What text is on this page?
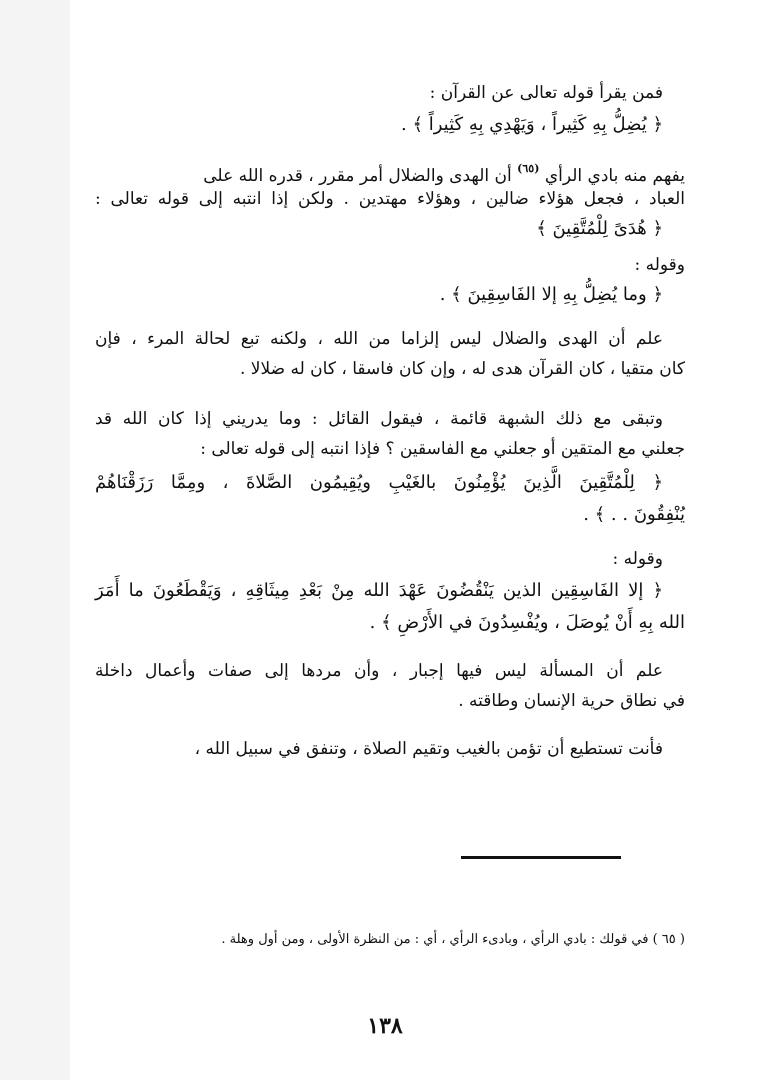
فمن يقرأ قوله تعالى عن القرآن :
﴿ يُضِلُّ بِهِ كَثِيراً ، وَيَهْدِي بِهِ كَثِيراً ﴾ .
يفهم منه بادي الرأي $^{(٦٥)}$ أن الهدى والضلال أمر مقرر ، قدره الله على
العباد ، فجعل هؤلاء ضالين ، وهؤلاء مهتدين . ولكن إذا انتبه إلى قوله تعالى :
﴿ هُدَىً لِلْمُتَّقِينَ ﴾
وقوله :
﴿ وما يُضِلُّ بِهِ إلا الفَاسِقِينَ ﴾ .
علم أن الهدى والضلال ليس إلزاما من الله ، ولكنه تبع لحالة المرء ، فإن
كان متقيا ، كان القرآن هدى له ، وإن كان فاسقا ، كان له ضلالا .
وتبقى مع ذلك الشبهة قائمة ، فيقول القائل : وما يدريني إذا كان الله قد
جعلني مع المتقين أو جعلني مع الفاسقين ؟ فإذا انتبه إلى قوله تعالى :
﴿ لِلْمُتَّقِينَ الَّذِينَ يُؤْمِنُونَ بالغَيْبِ ويُقِيمُون الصَّلاةَ ، ومِمَّا رَزَقْنَاهُمْ
يُنْفِقُونَ . . ﴾ .
وقوله :
﴿ إلا الفَاسِقِين الذين يَنْقُضُونَ عَهْدَ الله مِنْ بَعْدِ مِيثَاقِهِ ، وَيَقْطَعُونَ ما أَمَرَ
الله بِهِ أَنْ يُوصَلَ ، ويُفْسِدُونَ في الأَرْضِ ﴾ .
علم أن المسألة ليس فيها إجبار ، وأن مردها إلى صفات وأعمال داخلة
في نطاق حرية الإنسان وطاقته .
فأنت تستطيع أن تؤمن بالغيب وتقيم الصلاة ، وتنفق في سبيل الله ،
( ٦٥ ) في قولك : بادي الرأي ، وبادىء الرأي ، أي : من النظرة الأولى ، ومن أول وهلة .
١٣٨
